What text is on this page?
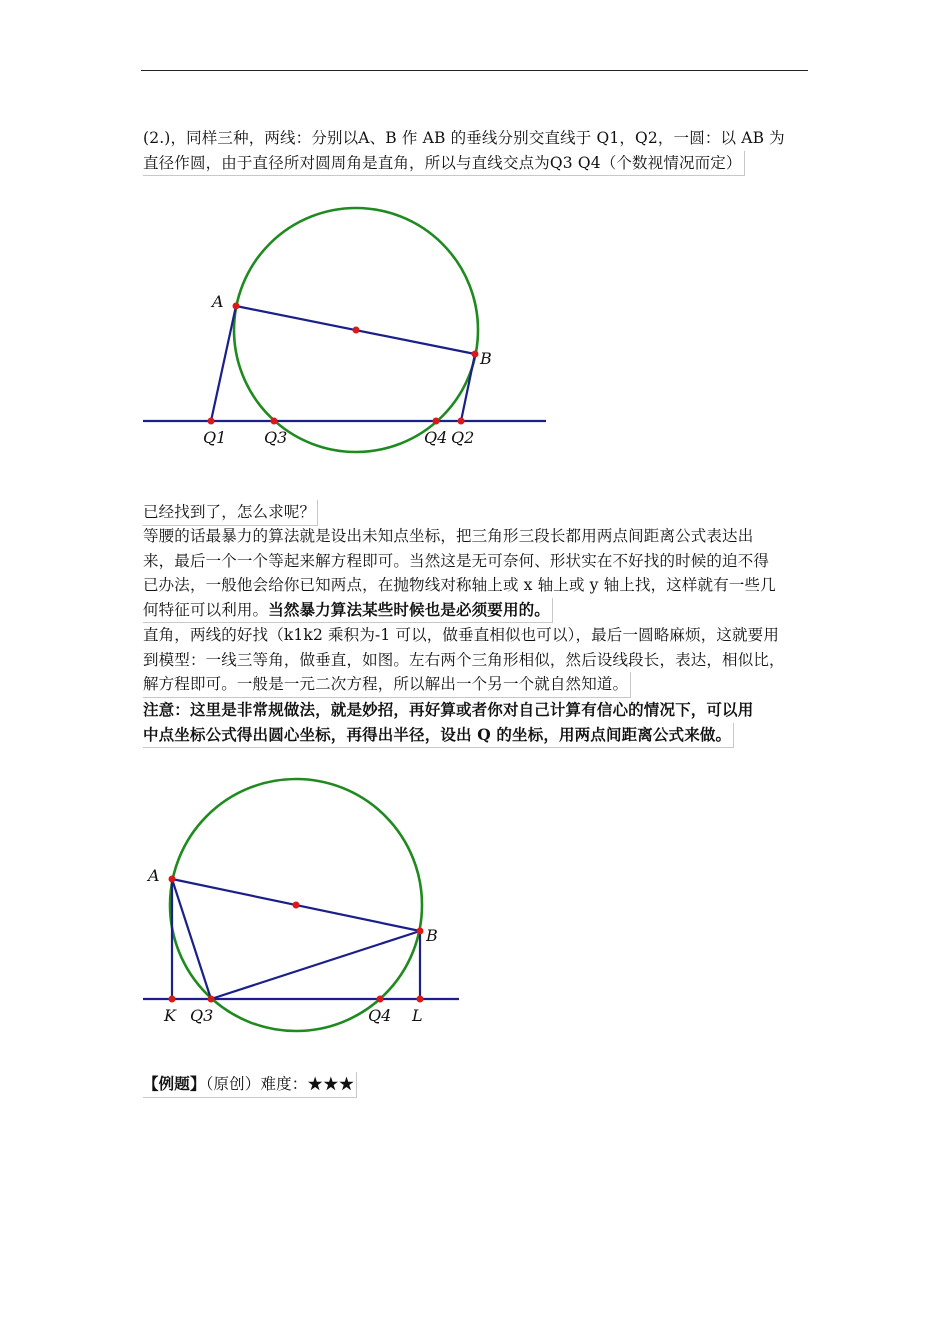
(2.)，同样三种，两线：分别以A、B 作 AB 的垂线分别交直线于 Q1，Q2，一圆：以 AB 为
直径作圆，由于直径所对圆周角是直角，所以与直线交点为Q3 Q4（个数视情况而定）
A
B
Q1 Q3	Q4 Q2
A
B
K Q3	Q4 L
已经找到了，怎么求呢？
等腰的话最暴力的算法就是设出未知点坐标，把三角形三段长都用两点间距离公式表达出
来，最后一个一个等起来解方程即可。当然这是无可奈何、形状实在不好找的时候的迫不得
已办法，一般他会给你已知两点，在抛物线对称轴上或 x 轴上或 y 轴上找，这样就有一些几
何特征可以利用。当然暴力算法某些时候也是必须要用的。
直角，两线的好找（k1k2 乘积为-1 可以，做垂直相似也可以），最后一圆略麻烦，这就要用
到模型：一线三等角，做垂直，如图。左右两个三角形相似，然后设线段长，表达，相似比，
解方程即可。一般是一元二次方程，所以解出一个另一个就自然知道。
注意：这里是非常规做法，就是妙招，再好算或者你对自己计算有信心的情况下，可以用
中点坐标公式得出圆心坐标，再得出半径，设出 Q 的坐标，用两点间距离公式来做。
【例题】（原创）难度：★★★
